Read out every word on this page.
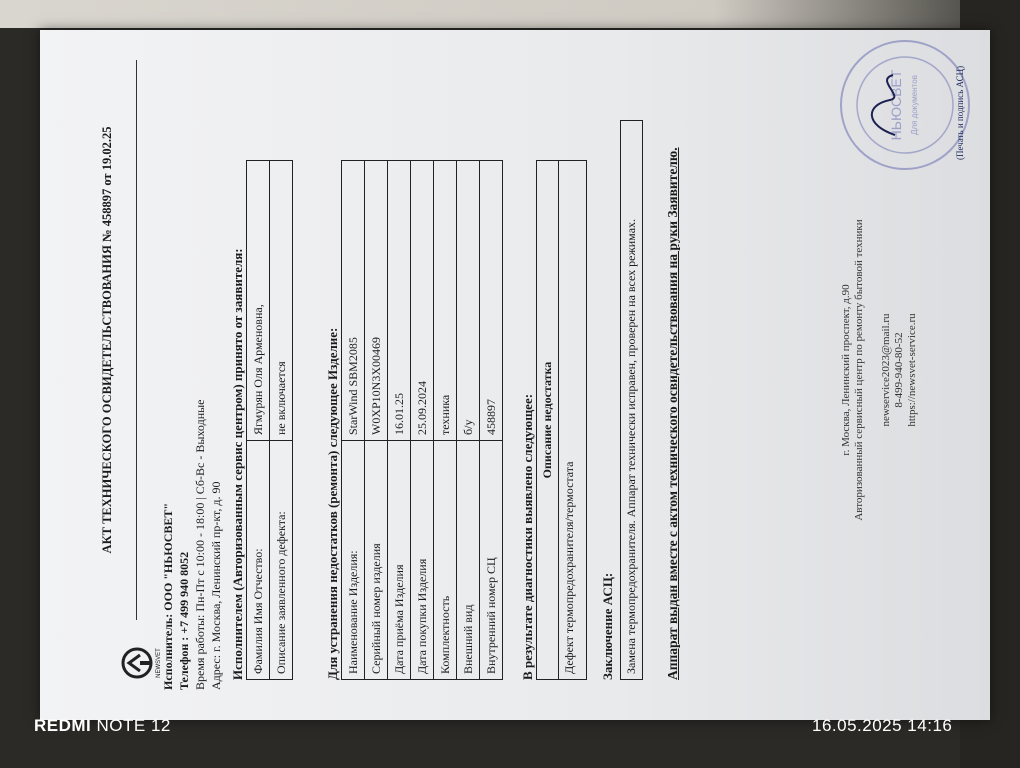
NEWSVET
АКТ ТЕХНИЧЕСКОГО ОСВИДЕТЕЛЬСТВОВАНИЯ № 458897 от 19.02.25
Исполнитель: ООО "НЬЮСВЕТ" Телефон : +7 499 940 8052 Время работы: Пн-Пт с 10:00 - 18:00 | Сб-Вс - Выходные Адрес: г. Москва, Ленинский пр-кт, д. 90 Исполнителем (Авторизованным сервис центром) принято от заявителя: Фамилия Имя Отчество:	Ягмурян Оля Арменовна,
Описание заявленного дефекта:	не включается	Для устранения недостатков (ремонта) следующее Изделие: Наименование Изделия:	StarWind SBM2085
Серийный номер изделия	W0XP10N3X00469
Дата приёма Изделия	16.01.25
Дата покупки Изделия	25.09.2024
Комплектность	техника
Внешний вид	б/у
Внутренний номер СЦ	458897 В результате диагностики выявлено следующее: Описание недостатка
Дефект термопредохранителя/термостата	Заключение АСЦ: Замена термопредохранителя. Аппарат технически исправен, проверен на всех режимах.	Аппарат выдан вместе с актом технического освидетельствования на руки Заявителю.	г. Москва, Ленинский проспект, д.90 Авторизованный сервисный центр по ремонту бытовой техники newservice2023@mail.ru 8-499-940-80-52 https://newsvet-service.ru
НЬЮСВЕТ Для документов	(Печать и подпись АСЦ)
REDMI NOTE 12	16.05.2025 14:16
